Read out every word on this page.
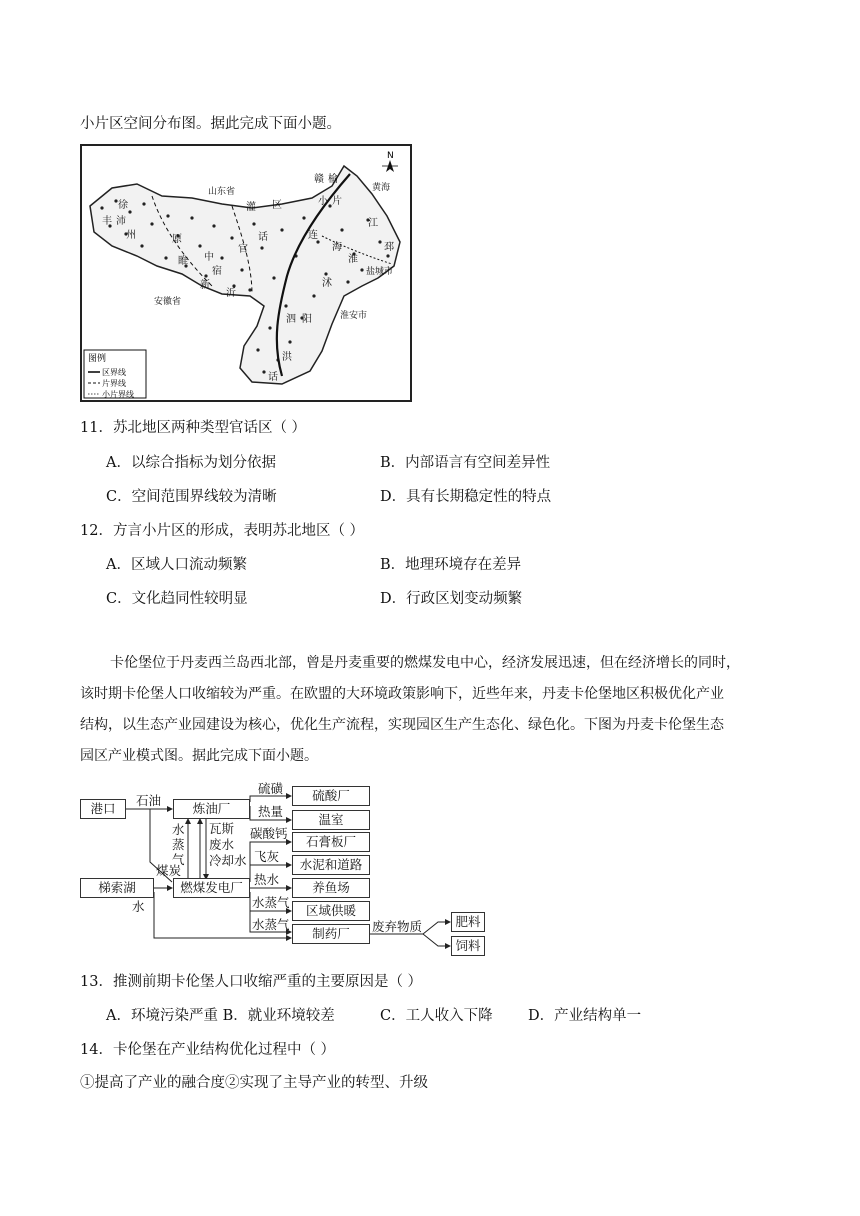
小片区空间分布图。据此完成下面小题。
徐
丰 沛
州	原
睢 中
宿
官
话
区
赣 榆
小 片
连
海
江
淮
沭
泗 阳
洪
话
邳
灌
新
沂
山东省
安徽省
盐城市
淮安市
黄海
N
图例
区界线
片界线
小片界线
11．苏北地区两种类型官话区（ ）
A．以综合指标为划分依据	B．内部语言有空间差异性
C．空间范围界线较为清晰	D．具有长期稳定性的特点
12．方言小片区的形成，表明苏北地区（ ）
A．区域人口流动频繁	B．地理环境存在差异
C．文化趋同性较明显	D．行政区划变动频繁
卡伦堡位于丹麦西兰岛西北部，曾是丹麦重要的燃煤发电中心，经济发展迅速，但在经济增长的同时，
该时期卡伦堡人口收缩较为严重。在欧盟的大环境政策影响下，近些年来，丹麦卡伦堡地区积极优化产业
结构，以生态产业园建设为核心，优化生产流程，实现园区生产生态化、绿色化。下图为丹麦卡伦堡生态
园区产业模式图。据此完成下面小题。
港口	炼油厂
梯索湖	燃煤发电厂
硫酸厂
温室
石膏板厂
水泥和道路
养鱼场
区域供暖
制药厂
肥料
饲料
石油
水蒸气
煤炭
瓦斯
废水
冷却水
水
硫磺
热量
碳酸钙
飞灰
热水
水蒸气
水蒸气	废弃物质
13．推测前期卡伦堡人口收缩严重的主要原因是（ ）
A．环境污染严重 B．就业环境较差	C．工人收入下降 D．产业结构单一
14．卡伦堡在产业结构优化过程中（ ）
①提高了产业的融合度②实现了主导产业的转型、升级
